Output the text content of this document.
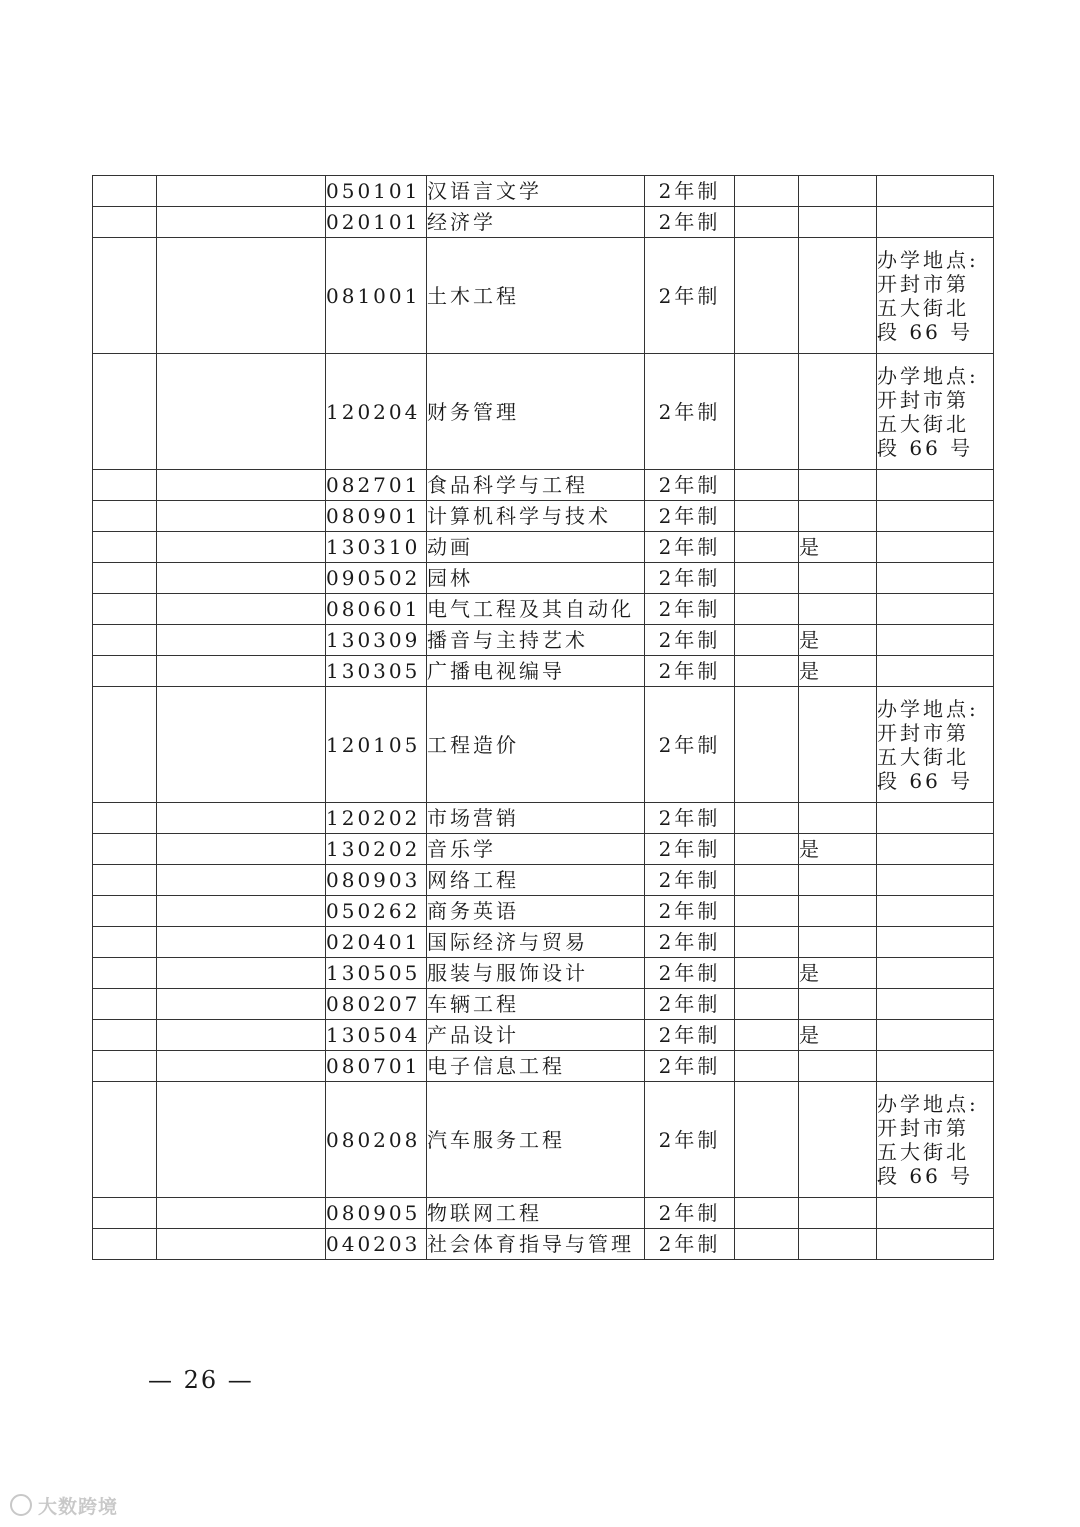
		050101	汉语言文学	2年制			
		020101	经济学	2年制			
		081001	土木工程	2年制			办学地点:
开封市第
五大街北
段 66 号

		120204	财务管理	2年制			办学地点:
开封市第
五大街北
段 66 号

		082701	食品科学与工程	2年制			
		080901	计算机科学与技术	2年制			
		130310	动画	2年制		是	
		090502	园林	2年制			
		080601	电气工程及其自动化	2年制			
		130309	播音与主持艺术	2年制		是	
		130305	广播电视编导	2年制		是	
		120105	工程造价	2年制			办学地点:
开封市第
五大街北
段 66 号

		120202	市场营销	2年制			
		130202	音乐学	2年制		是	
		080903	网络工程	2年制			
		050262	商务英语	2年制			
		020401	国际经济与贸易	2年制			
		130505	服装与服饰设计	2年制		是	
		080207	车辆工程	2年制			
		130504	产品设计	2年制		是	
		080701	电子信息工程	2年制			
		080208	汽车服务工程	2年制			办学地点:
开封市第
五大街北
段 66 号

		080905	物联网工程	2年制			
		040203	社会体育指导与管理	2年制			
— 26 —
大数跨境
